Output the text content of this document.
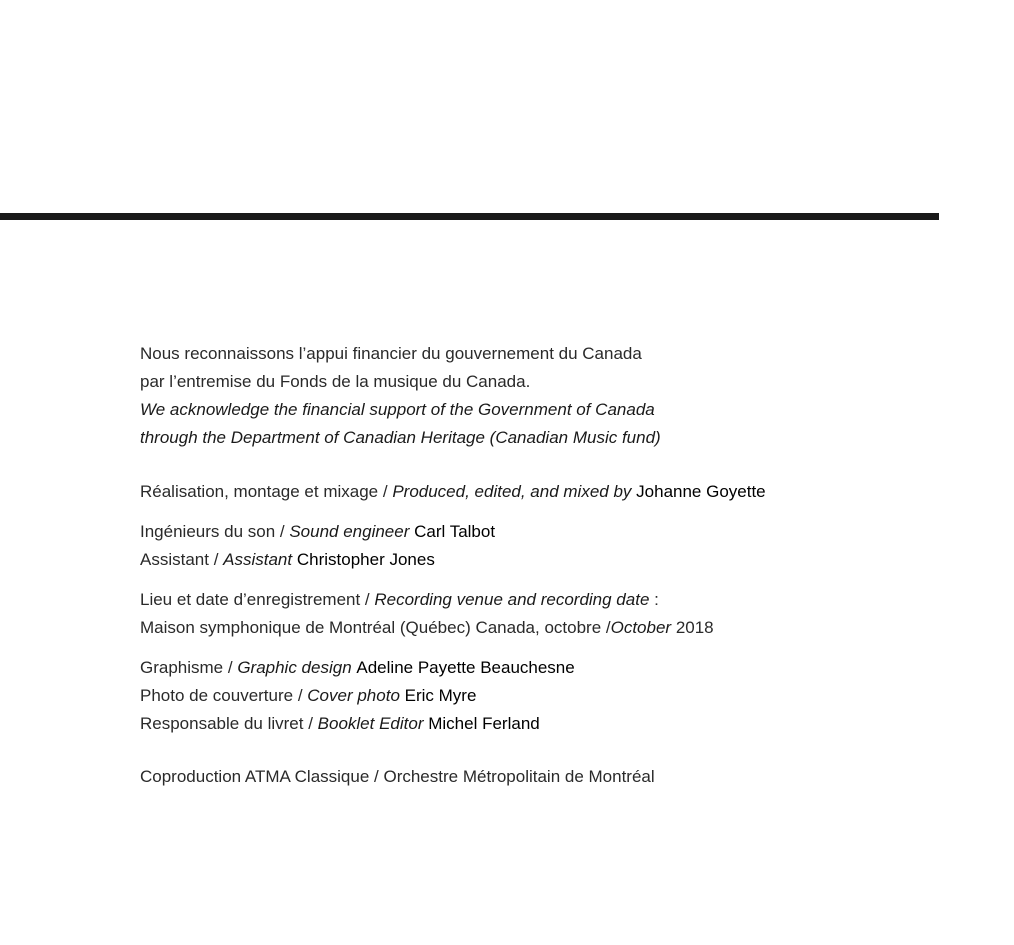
Nous reconnaissons l’appui financier du gouvernement du Canada
par l’entremise du Fonds de la musique du Canada.
We acknowledge the financial support of the Government of Canada
through the Department of Canadian Heritage (Canadian Music fund)
Réalisation, montage et mixage / Produced, edited, and mixed by Johanne Goyette
Ingénieurs du son / Sound engineer Carl Talbot
Assistant / Assistant Christopher Jones
Lieu et date d’enregistrement / Recording venue and recording date :
Maison symphonique de Montréal (Québec) Canada, octobre /October 2018
Graphisme / Graphic design Adeline Payette Beauchesne
Photo de couverture / Cover photo Eric Myre
Responsable du livret / Booklet Editor Michel Ferland
Coproduction ATMA Classique / Orchestre Métropolitain de Montréal
